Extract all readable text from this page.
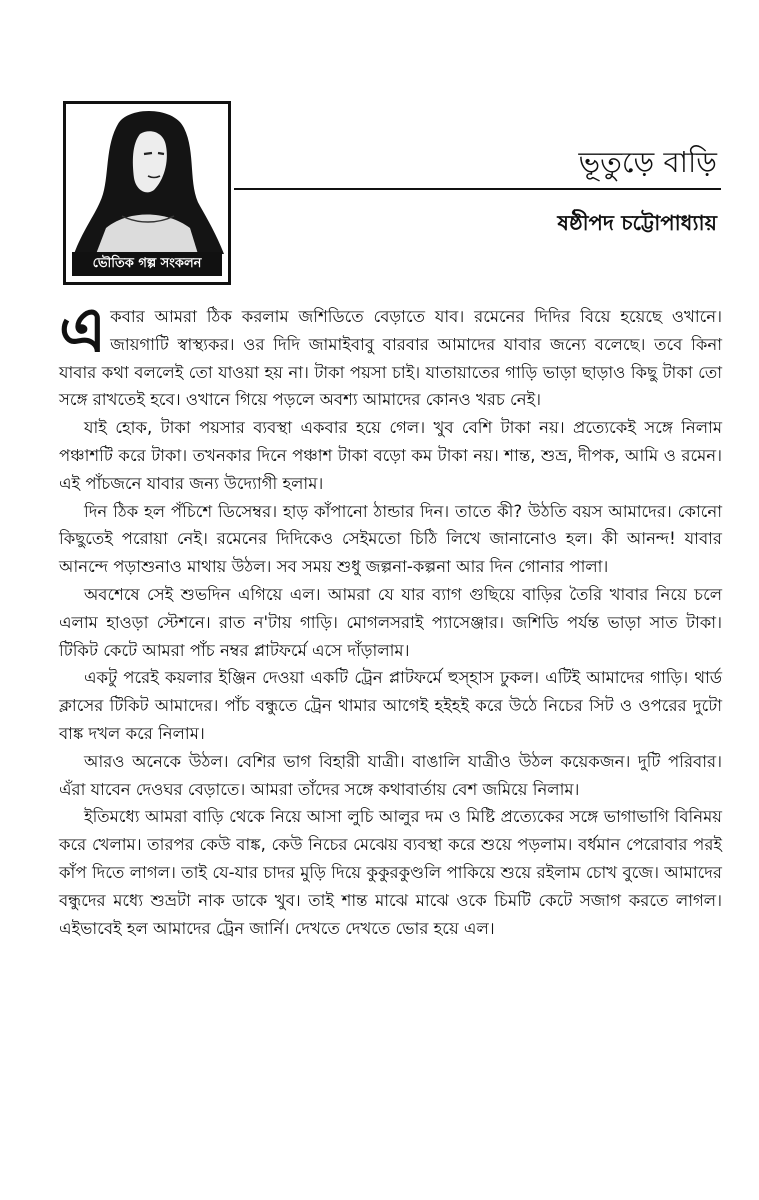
ভৌতিক গল্প সংকলন
ভূতুড়ে বাড়ি
ষষ্ঠীপদ চট্টোপাধ্যায়

একবার আমরা ঠিক করলাম জশিডিতে বেড়াতে যাব। রমেনের দিদির বিয়ে হয়েছে ওখানে। জায়গাটি স্বাস্থ্যকর। ওর দিদি জামাইবাবু বারবার আমাদের যাবার জন্যে বলেছে। তবে কিনা যাবার কথা বললেই তো যাওয়া হয় না। টাকা পয়সা চাই। যাতায়াতের গাড়ি ভাড়া ছাড়াও কিছু টাকা তো সঙ্গে রাখতেই হবে। ওখানে গিয়ে পড়লে অবশ্য আমাদের কোনও খরচ নেই।

যাই হোক, টাকা পয়সার ব্যবস্থা একবার হয়ে গেল। খুব বেশি টাকা নয়। প্রত্যেকেই সঙ্গে নিলাম পঞ্চাশটি করে টাকা। তখনকার দিনে পঞ্চাশ টাকা বড়ো কম টাকা নয়। শান্ত, শুভ্র, দীপক, আমি ও রমেন। এই পাঁচজনে যাবার জন্য উদ্যোগী হলাম।

দিন ঠিক হল পঁচিশে ডিসেম্বর। হাড় কাঁপানো ঠান্ডার দিন। তাতে কী? উঠতি বয়স আমাদের। কোনো কিছুতেই পরোয়া নেই। রমেনের দিদিকেও সেইমতো চিঠি লিখে জানানোও হল। কী আনন্দ! যাবার আনন্দে পড়াশুনাও মাথায় উঠল। সব সময় শুধু জল্পনা-কল্পনা আর দিন গোনার পালা।

অবশেষে সেই শুভদিন এগিয়ে এল। আমরা যে যার ব্যাগ গুছিয়ে বাড়ির তৈরি খাবার নিয়ে চলে এলাম হাওড়া স্টেশনে। রাত ন'টায় গাড়ি। মোগলসরাই প্যাসেঞ্জার। জশিডি পর্যন্ত ভাড়া সাত টাকা। টিকিট কেটে আমরা পাঁচ নম্বর প্লাটফর্মে এসে দাঁড়ালাম।

একটু পরেই কয়লার ইঞ্জিন দেওয়া একটি ট্রেন প্লাটফর্মে হুস্হাস ঢুকল। এটিই আমাদের গাড়ি। থার্ড ক্লাসের টিকিট আমাদের। পাঁচ বন্ধুতে ট্রেন থামার আগেই হইহই করে উঠে নিচের সিট ও ওপরের দুটো বাঙ্ক দখল করে নিলাম।

আরও অনেকে উঠল। বেশির ভাগ বিহারী যাত্রী। বাঙালি যাত্রীও উঠল কয়েকজন। দুটি পরিবার। এঁরা যাবেন দেওঘর বেড়াতে। আমরা তাঁদের সঙ্গে কথাবার্তায় বেশ জমিয়ে নিলাম।

ইতিমধ্যে আমরা বাড়ি থেকে নিয়ে আসা লুচি আলুর দম ও মিষ্টি প্রত্যেকের সঙ্গে ভাগাভাগি বিনিময় করে খেলাম। তারপর কেউ বাঙ্ক, কেউ নিচের মেঝেয় ব্যবস্থা করে শুয়ে পড়লাম। বর্ধমান পেরোবার পরই কাঁপ দিতে লাগল। তাই যে-যার চাদর মুড়ি দিয়ে কুকুরকুণ্ডলি পাকিয়ে শুয়ে রইলাম চোখ বুজে। আমাদের বন্ধুদের মধ্যে শুভ্রটা নাক ডাকে খুব। তাই শান্ত মাঝে মাঝে ওকে চিমটি কেটে সজাগ করতে লাগল। এইভাবেই হল আমাদের ট্রেন জার্নি। দেখতে দেখতে ভোর হয়ে এল।
